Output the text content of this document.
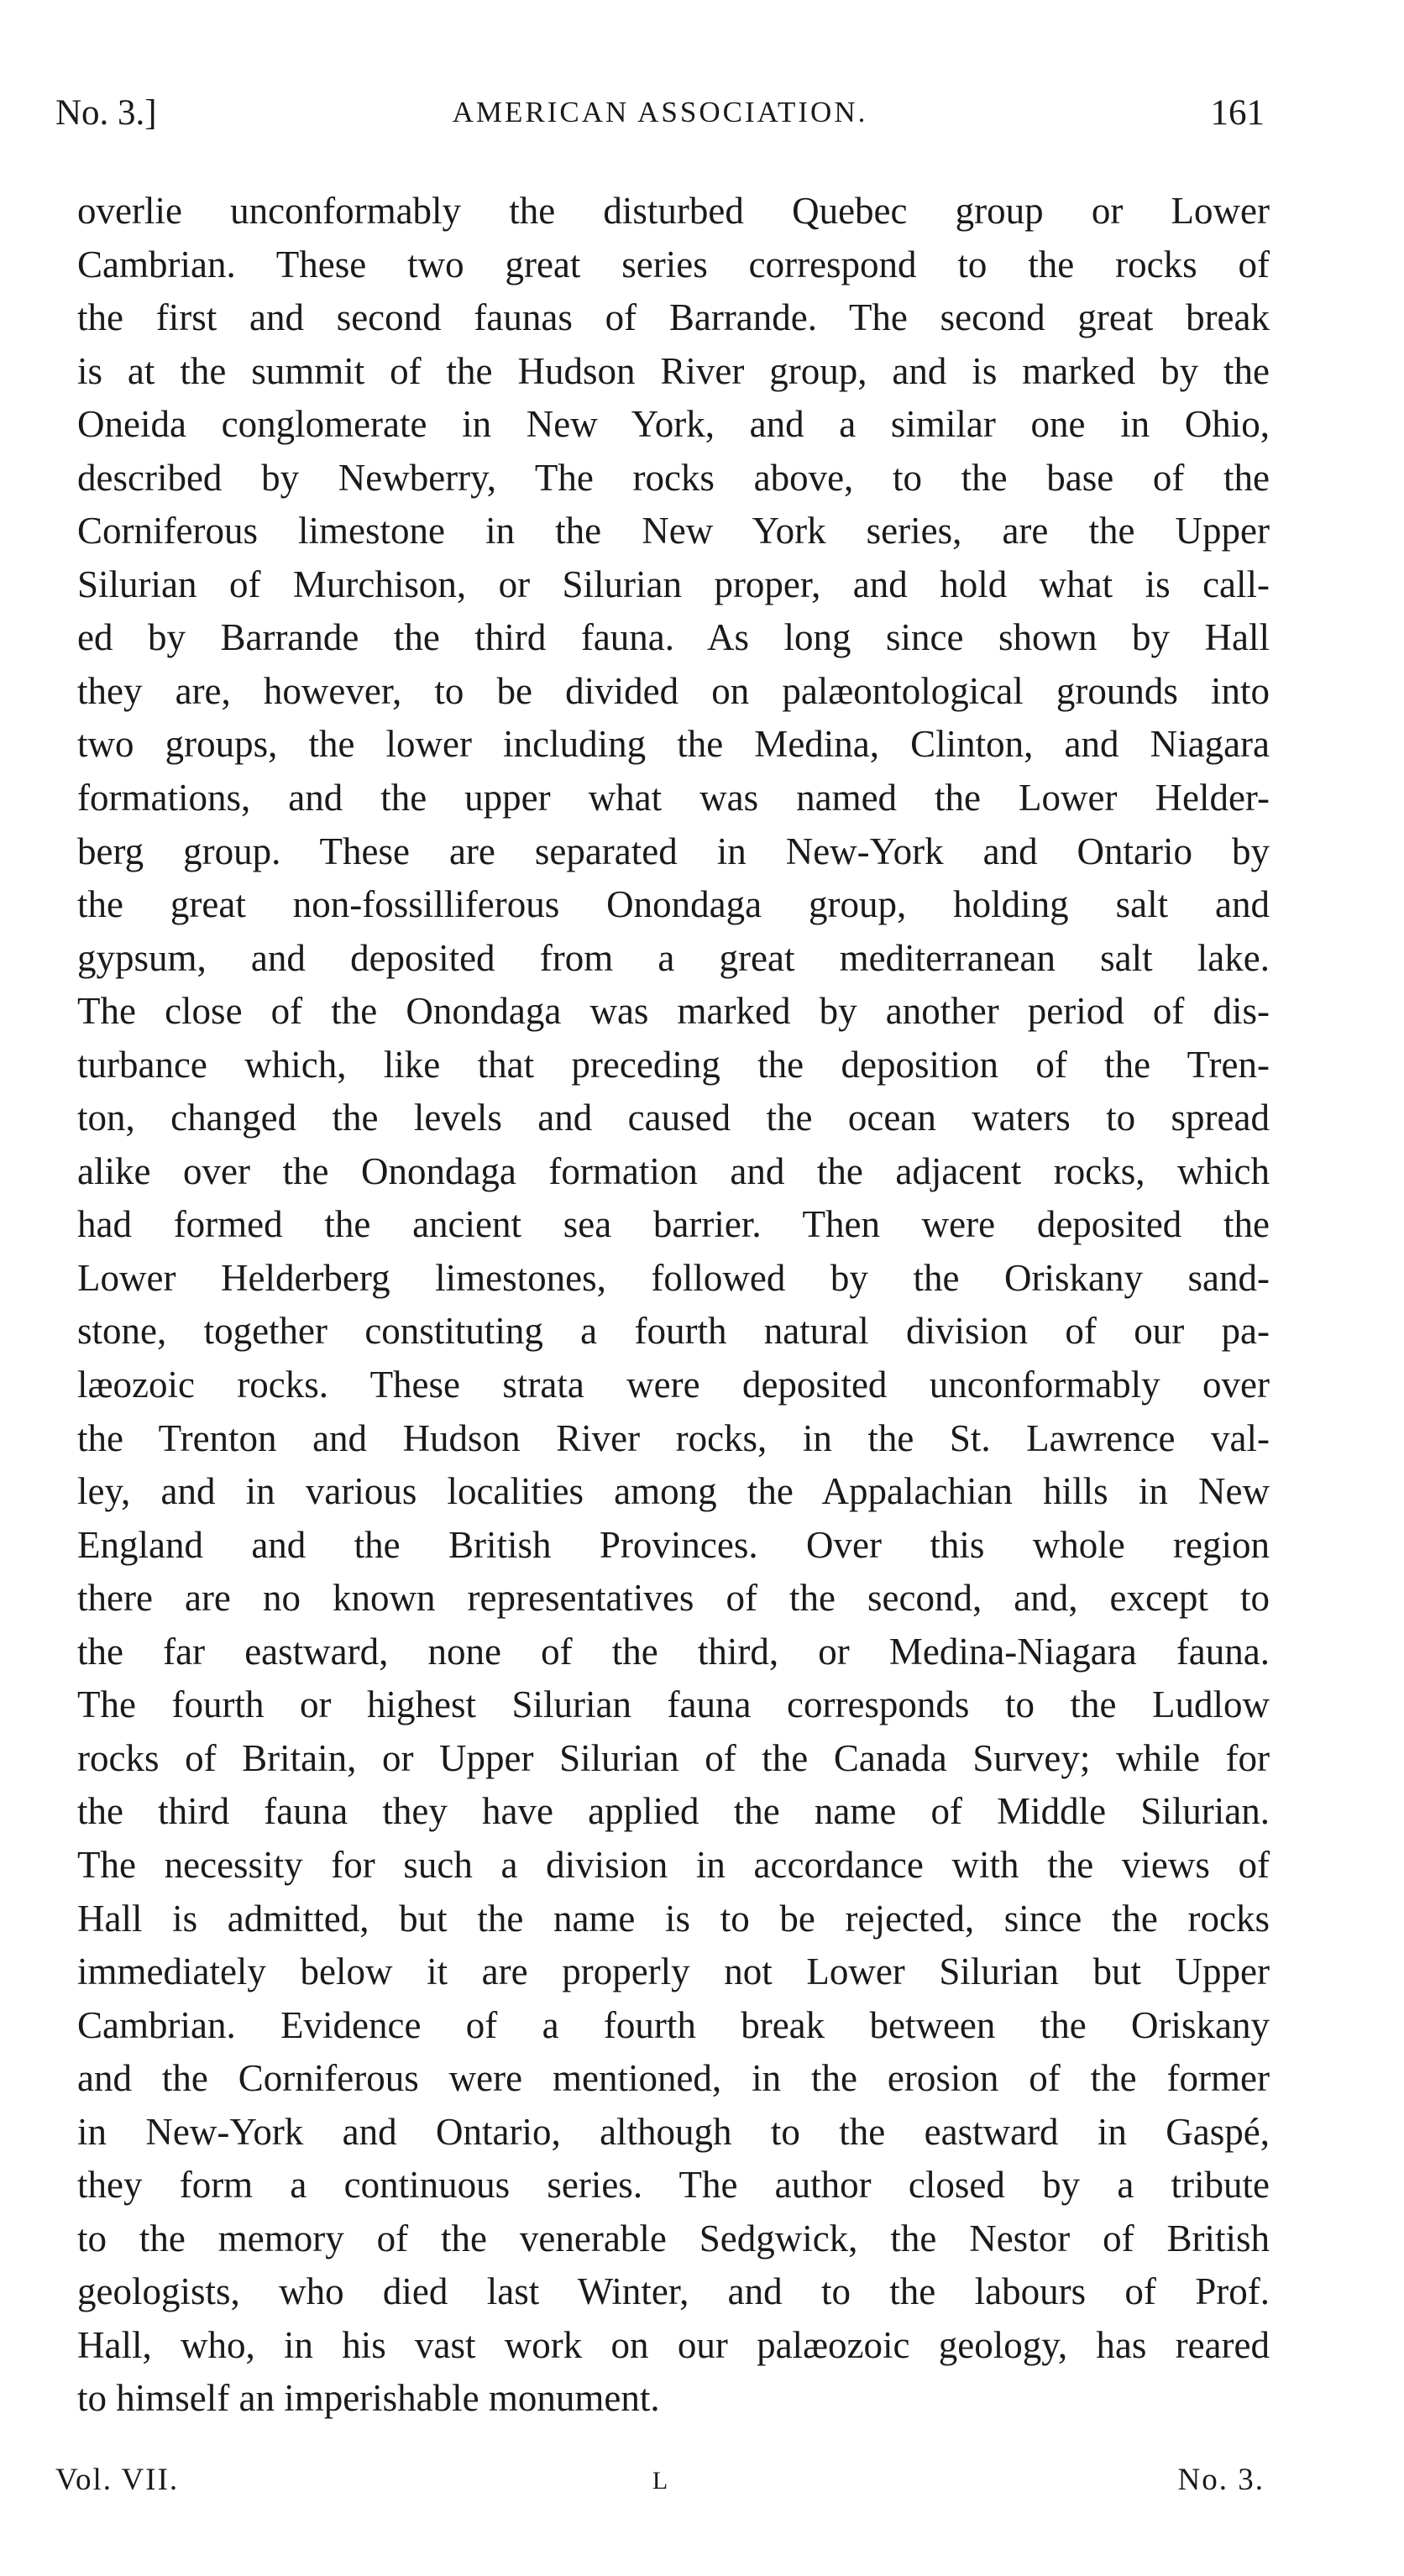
No. 3.]	AMERICAN ASSOCIATION.	161
overlie unconformably the disturbed Quebec group or Lower
Cambrian. These two great series correspond to the rocks of
the first and second faunas of Barrande. The second great break
is at the summit of the Hudson River group, and is marked by the
Oneida conglomerate in New York, and a similar one in Ohio,
described by Newberry, The rocks above, to the base of the
Corniferous limestone in the New York series, are the Upper
Silurian of Murchison, or Silurian proper, and hold what is call-
ed by Barrande the third fauna. As long since shown by Hall
they are, however, to be divided on palæontological grounds into
two groups, the lower including the Medina, Clinton, and Niagara
formations, and the upper what was named the Lower Helder-
berg group. These are separated in New-York and Ontario by
the great non-fossilliferous Onondaga group, holding salt and
gypsum, and deposited from a great mediterranean salt lake.
The close of the Onondaga was marked by another period of dis-
turbance which, like that preceding the deposition of the Tren-
ton, changed the levels and caused the ocean waters to spread
alike over the Onondaga formation and the adjacent rocks, which
had formed the ancient sea barrier. Then were deposited the
Lower Helderberg limestones, followed by the Oriskany sand-
stone, together constituting a fourth natural division of our pa-
læozoic rocks. These strata were deposited unconformably over
the Trenton and Hudson River rocks, in the St. Lawrence val-
ley, and in various localities among the Appalachian hills in New
England and the British Provinces. Over this whole region
there are no known representatives of the second, and, except to
the far eastward, none of the third, or Medina-Niagara fauna.
The fourth or highest Silurian fauna corresponds to the Ludlow
rocks of Britain, or Upper Silurian of the Canada Survey; while for
the third fauna they have applied the name of Middle Silurian.
The necessity for such a division in accordance with the views of
Hall is admitted, but the name is to be rejected, since the rocks
immediately below it are properly not Lower Silurian but Upper
Cambrian. Evidence of a fourth break between the Oriskany
and the Corniferous were mentioned, in the erosion of the former
in New-York and Ontario, although to the eastward in Gaspé,
they form a continuous series. The author closed by a tribute
to the memory of the venerable Sedgwick, the Nestor of British
geologists, who died last Winter, and to the labours of Prof.
Hall, who, in his vast work on our palæozoic geology, has reared
to himself an imperishable monument.
Vol. VII.	L	No. 3.
